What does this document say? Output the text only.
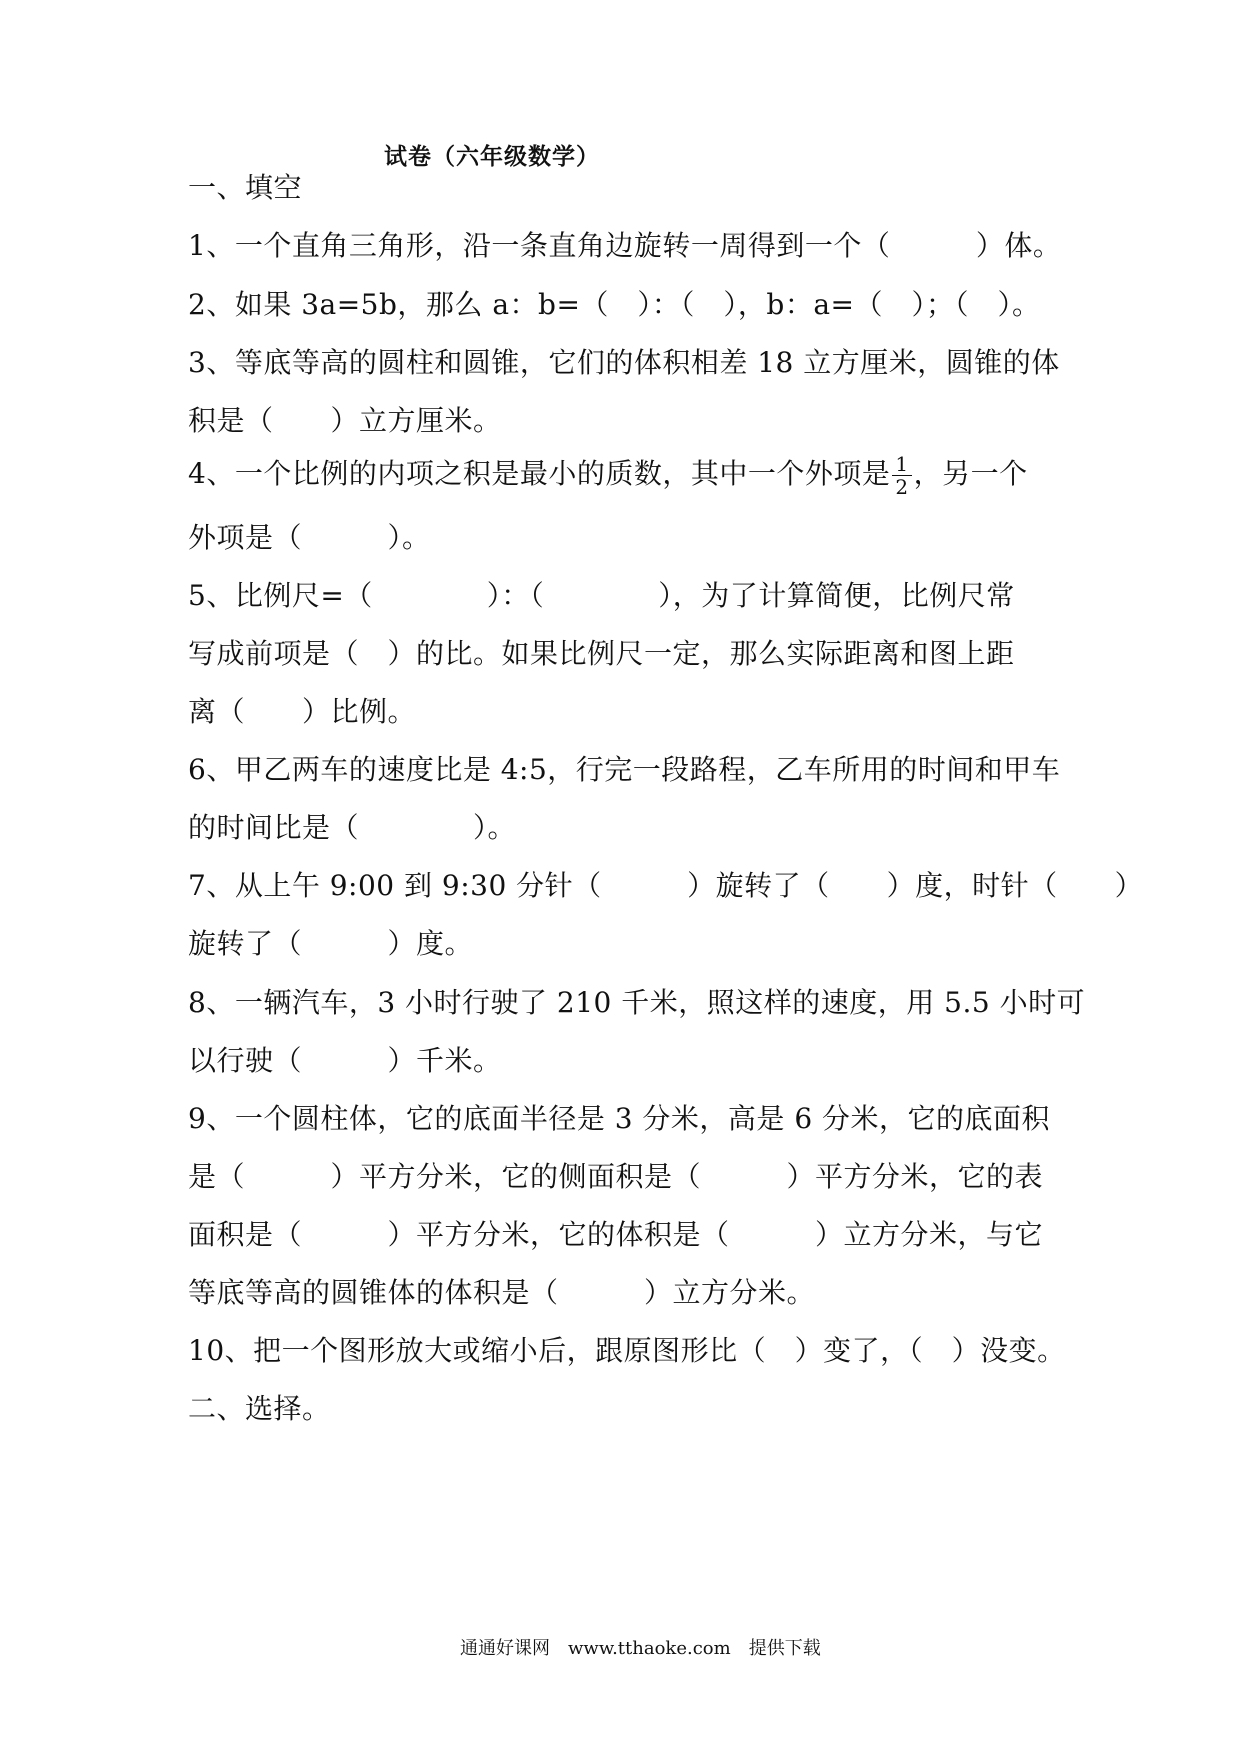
试卷（六年级数学）
一、填空
1、一个直角三角形，沿一条直角边旋转一周得到一个（　　　）体。
2、如果 3a=5b，那么 a：b=（　）：（　），b：a=（　）；（　）。
3、等底等高的圆柱和圆锥，它们的体积相差 18 立方厘米，圆锥的体
积是（　　）立方厘米。
4、一个比例的内项之积是最小的质数，其中一个外项是 $\frac{1}{2}$ ，另一个
外项是（　　　）。
5、比例尺=（　　　　）：（　　　　），为了计算简便，比例尺常
写成前项是（　）的比。如果比例尺一定，那么实际距离和图上距
离（　　）比例。
6、甲乙两车的速度比是 4:5，行完一段路程，乙车所用的时间和甲车
的时间比是（　　　　）。
7、从上午 9:00 到 9:30 分针（　　　）旋转了（　　）度，时针（　　）
旋转了（　　　）度。
8、一辆汽车，3 小时行驶了 210 千米，照这样的速度，用 5.5 小时可
以行驶（　　　）千米。
9、一个圆柱体，它的底面半径是 3 分米，高是 6 分米，它的底面积
是（　　　）平方分米，它的侧面积是（　　　）平方分米，它的表
面积是（　　　）平方分米，它的体积是（　　　）立方分米，与它
等底等高的圆锥体的体积是（　　　）立方分米。
10、把一个图形放大或缩小后，跟原图形比（　）变了，（　）没变。
二、选择。
通通好课网　www.tthaoke.com　提供下载
